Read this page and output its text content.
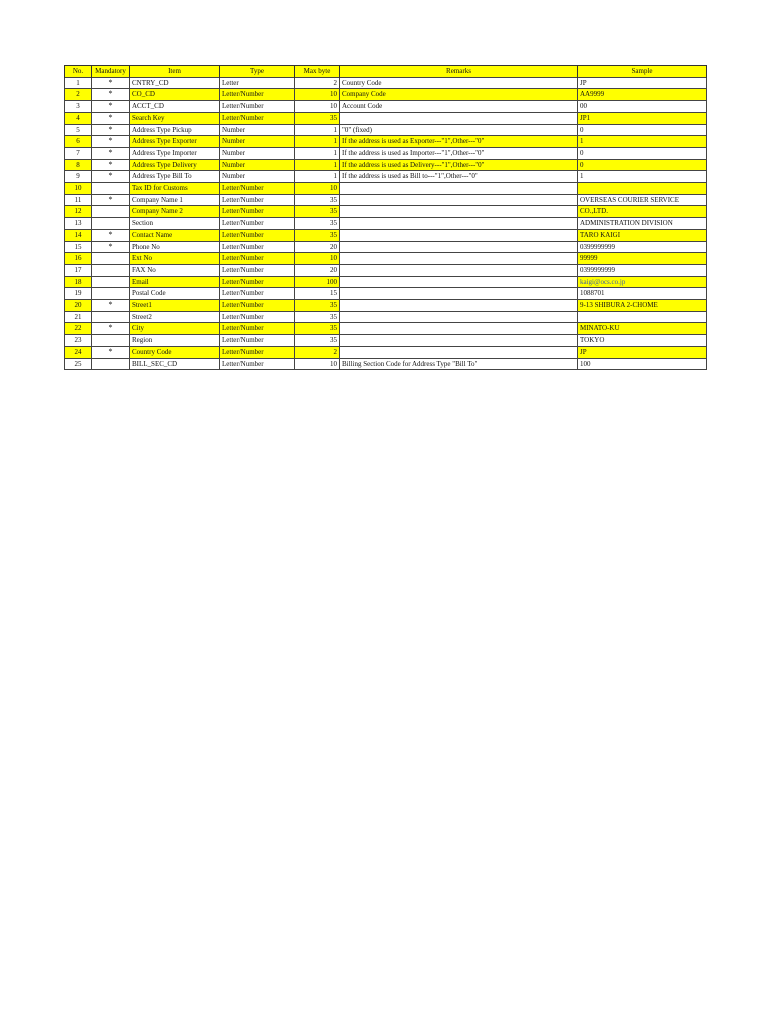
No.	Mandatory	Item	Type	Max byte	Remarks	Sample
1	*	CNTRY_CD	Letter	2	Country Code	JP
2	*	CO_CD	Letter/Number	10	Company Code	AA9999
3	*	ACCT_CD	Letter/Number	10	Account Code	00
4	*	Search Key	Letter/Number	35		JP1
5	*	Address Type Pickup	Number	1	"0" (fixed)	0
6	*	Address Type Exporter	Number	1	If the address is used as Exporter---"1",Other---"0"	1
7	*	Address Type Importer	Number	1	If the address is used as Importer---"1",Other---"0"	0
8	*	Address Type Delivery	Number	1	If the address is used as Delivery---"1",Other---"0"	0
9	*	Address Type Bill To	Number	1	If the address is used as Bill to---"1",Other---"0"	1
10		Tax ID for Customs	Letter/Number	10		
11	*	Company Name 1	Letter/Number	35		OVERSEAS COURIER SERVICE
12		Company Name 2	Letter/Number	35		CO.,LTD.
13		Section	Letter/Number	35		ADMINISTRATION DIVISION
14	*	Contact Name	Letter/Number	35		TARO KAIGI
15	*	Phone No	Letter/Number	20		0399999999
16		Ext No	Letter/Number	10		99999
17		FAX No	Letter/Number	20		0399999999
18		Email	Letter/Number	100		kaigi@ocs.co.jp
19		Postal Code	Letter/Number	15		1088701
20	*	Street1	Letter/Number	35		9-13 SHIBURA 2-CHOME
21		Street2	Letter/Number	35		
22	*	City	Letter/Number	35		MINATO-KU
23		Region	Letter/Number	35		TOKYO
24	*	Country Code	Letter/Number	2		JP
25		BILL_SEC_CD	Letter/Number	10	Billing Section Code for Address Type "Bill To"	100
